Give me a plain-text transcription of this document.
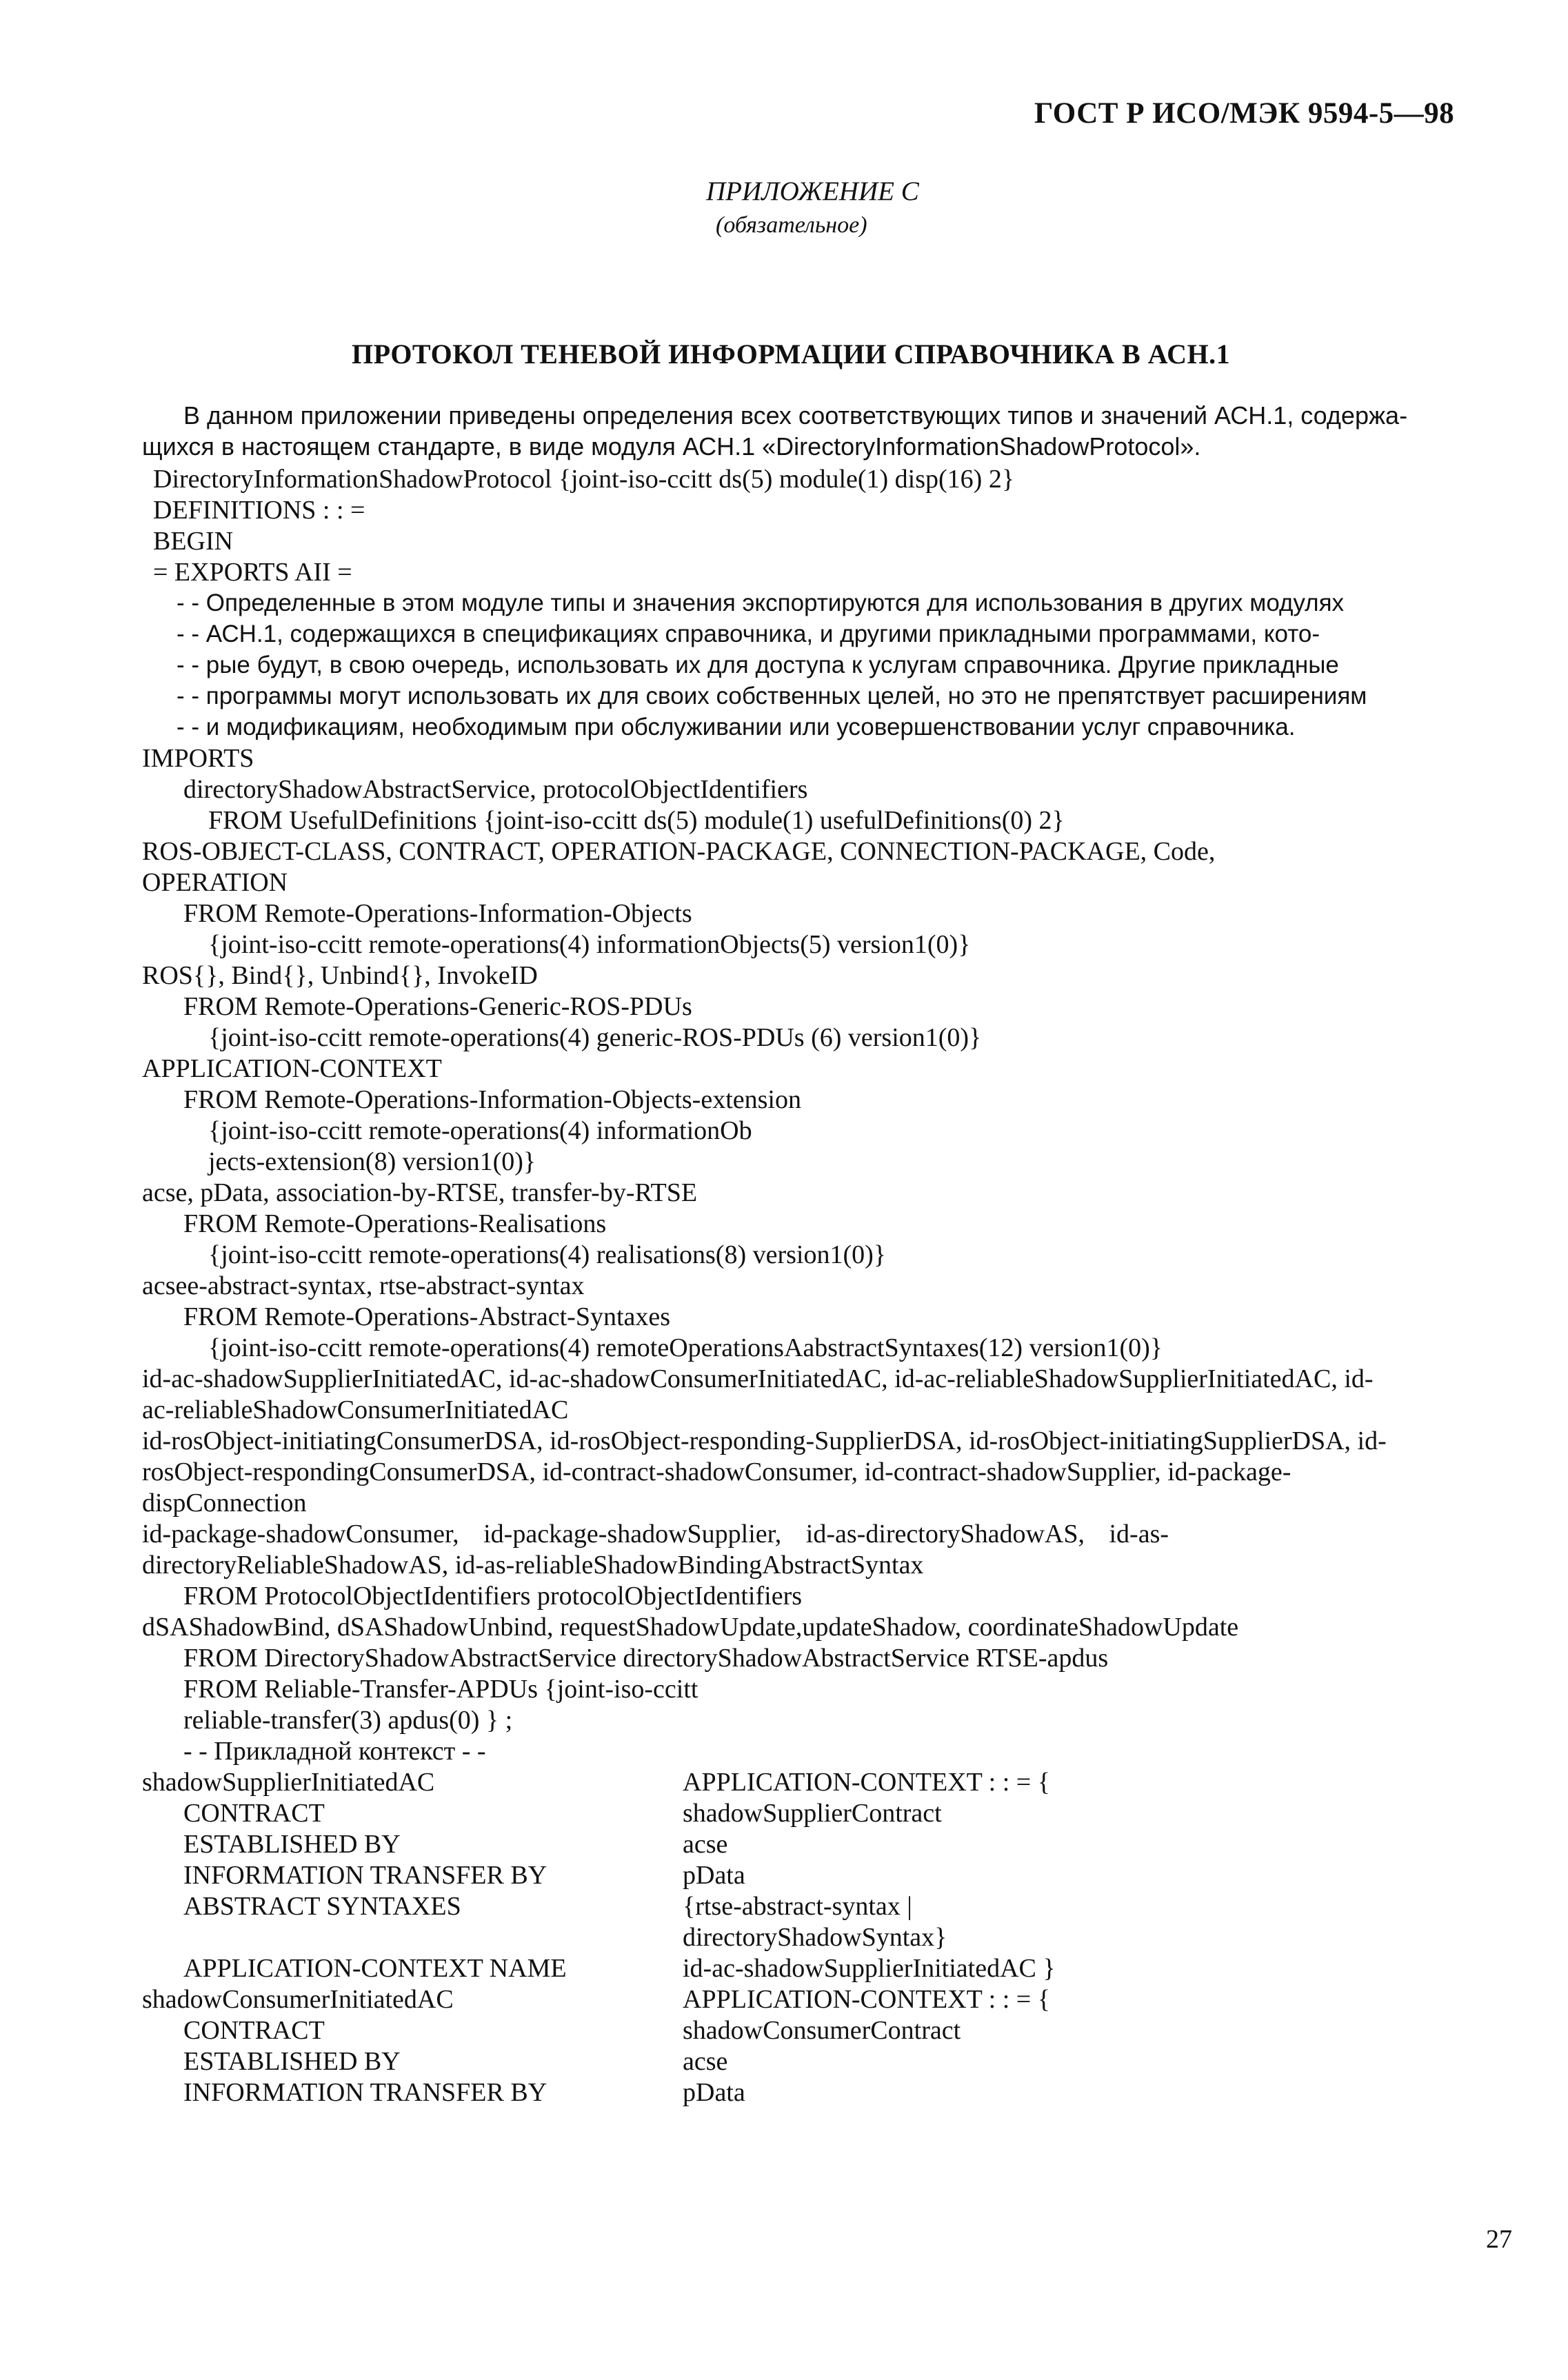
ГОСТ Р ИСО/МЭК 9594-5—98
ПРИЛОЖЕНИЕ С
(обязательное)
ПРОТОКОЛ ТЕНЕВОЙ ИНФОРМАЦИИ СПРАВОЧНИКА В АСН.1
В данном приложении приведены определения всех соответствующих типов и значений АСН.1, содержа-
щихся в настоящем стандарте, в виде модуля АСН.1 «DirectoryInformationShadowProtocol».
DirectoryInformationShadowProtocol {joint-iso-ccitt ds(5) module(1) disp(16) 2}
DEFINITIONS : : =
BEGIN
= EXPORTS AII =
- - Определенные в этом модуле типы и значения экспортируются для использования в других модулях
- - АСН.1, содержащихся в спецификациях справочника, и другими прикладными программами, кото-
- - рые будут, в свою очередь, использовать их для доступа к услугам справочника. Другие прикладные
- - программы могут использовать их для своих собственных целей, но это не препятствует расширениям
- - и модификациям, необходимым при обслуживании или усовершенствовании услуг справочника.
IMPORTS
directoryShadowAbstractService, protocolObjectIdentifiers
FROM UsefulDefinitions {joint-iso-ccitt ds(5) module(1) usefulDefinitions(0) 2}
ROS-OBJECT-CLASS, CONTRACT, OPERATION-PACKAGE, CONNECTION-PACKAGE, Code,
OPERATION
FROM Remote-Operations-Information-Objects
{joint-iso-ccitt remote-operations(4) informationObjects(5) version1(0)}
ROS{}, Bind{}, Unbind{}, InvokeID
FROM Remote-Operations-Generic-ROS-PDUs
{joint-iso-ccitt remote-operations(4) generic-ROS-PDUs (6) version1(0)}
APPLICATION-CONTEXT
FROM Remote-Operations-Information-Objects-extension
{joint-iso-ccitt remote-operations(4) informationOb
jects-extension(8) version1(0)}
acse, pData, association-by-RTSE, transfer-by-RTSE
FROM Remote-Operations-Realisations
{joint-iso-ccitt remote-operations(4) realisations(8) version1(0)}
acsee-abstract-syntax, rtse-abstract-syntax
FROM Remote-Operations-Abstract-Syntaxes
{joint-iso-ccitt remote-operations(4) remoteOperationsAabstractSyntaxes(12) version1(0)}
id-ac-shadowSupplierInitiatedAC, id-ac-shadowConsumerInitiatedAC, id-ac-reliableShadowSupplierInitiatedAC, id-
ac-reliableShadowConsumerInitiatedAC
id-rosObject-initiatingConsumerDSA, id-rosObject-responding-SupplierDSA, id-rosObject-initiatingSupplierDSA, id-
rosObject-respondingConsumerDSA, id-contract-shadowConsumer, id-contract-shadowSupplier, id-package-
dispConnection
id-package-shadowConsumer, id-package-shadowSupplier, id-as-directoryShadowAS, id-as-
directoryReliableShadowAS, id-as-reliableShadowBindingAbstractSyntax
FROM ProtocolObjectIdentifiers protocolObjectIdentifiers
dSAShadowBind, dSAShadowUnbind, requestShadowUpdate,updateShadow, coordinateShadowUpdate
FROM DirectoryShadowAbstractService directoryShadowAbstractService RTSE-apdus
FROM Reliable-Transfer-APDUs {joint-iso-ccitt
reliable-transfer(3) apdus(0) } ;
- - Прикладной контекст - -
shadowSupplierInitiatedAC	APPLICATION-CONTEXT : : = {
CONTRACT	shadowSupplierContract
ESTABLISHED BY	acse
INFORMATION TRANSFER BY	pData
ABSTRACT SYNTAXES	{rtse-abstract-syntax |
directoryShadowSyntax}
APPLICATION-CONTEXT NAME	id-ac-shadowSupplierInitiatedAC }
shadowConsumerInitiatedAC	APPLICATION-CONTEXT : : = {
CONTRACT	shadowConsumerContract
ESTABLISHED BY	acse
INFORMATION TRANSFER BY	pData
27
